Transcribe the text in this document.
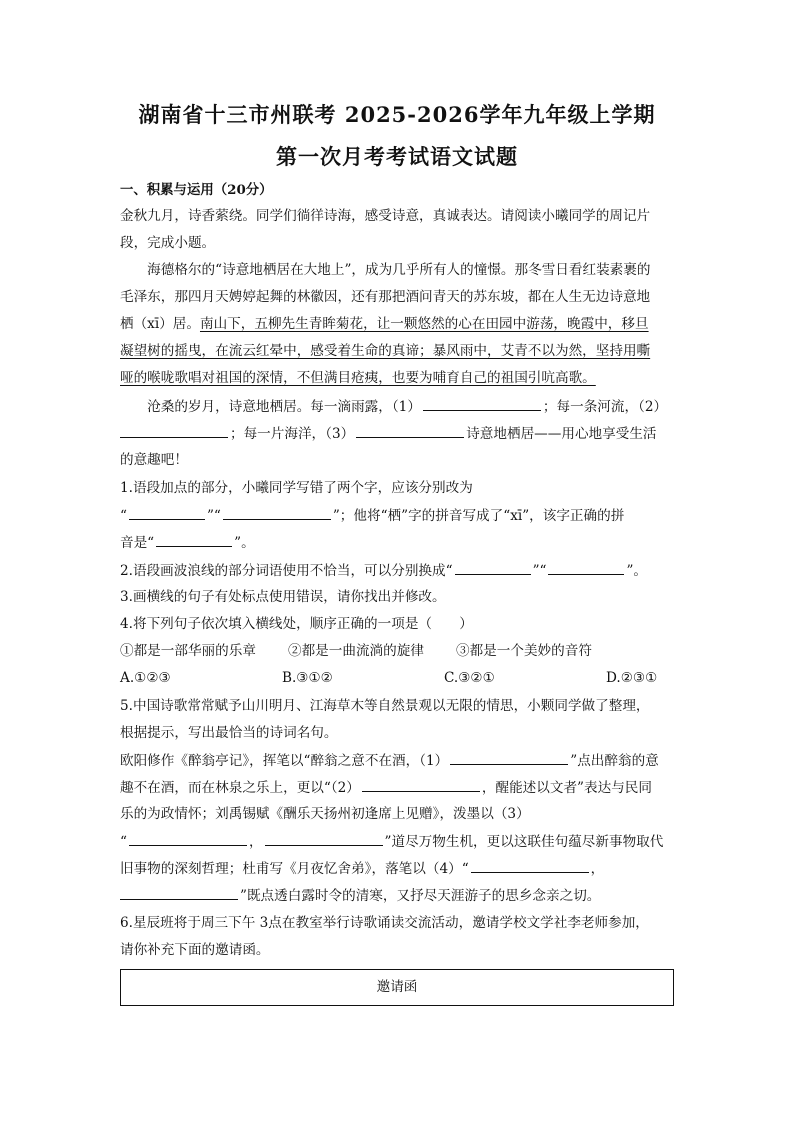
湖南省十三市州联考 2025-2026学年九年级上学期
第一次月考考试语文试题
一、积累与运用（20分）
金秋九月，诗香萦绕。同学们徜徉诗海，感受诗意，真诚表达。请阅读小曦同学的周记片
段，完成小题。
　　海德格尔的“诗意地栖居在大地上”，成为几乎所有人的憧憬。那冬雪日看红装素裹的
毛泽东，那四月天娉婷起舞的林徽因，还有那把酒问青天的苏东坡，都在人生无边诗意地
栖（xī）居。南山下，五柳先生青眸菊花，让一颗悠然的心在田园中游荡，晚霞中，移旦
凝望树的摇曳，在流云红晕中，感受着生命的真谛；暴风雨中，艾青不以为然，坚持用嘶
哑的喉咙歌唱对祖国的深情，不但满目疮痍，也要为哺育自己的祖国引吭高歌。
　　沧桑的岁月，诗意地栖居。每一滴雨露，（1）	；每一条河流，（2）
；每一片海洋，（3）	诗意地栖居——用心地享受生活
的意趣吧！
1.语段加点的部分，小曦同学写错了两个字，应该分别改为
“	”“	”；他将“栖”字的拼音写成了“xī”，该字正确的拼
音是“	”。
2.语段画波浪线的部分词语使用不恰当，可以分别换成“	”“	”。
3.画横线的句子有处标点使用错误，请你找出并修改。
4.将下列句子依次填入横线处，顺序正确的一项是（　　）
①都是一部华丽的乐章 ②都是一曲流淌的旋律 ③都是一个美妙的音符
A.①②③	B.③①②	C.③②①	D.②③①
5.中国诗歌常常赋予山川明月、江海草木等自然景观以无限的情思，小颗同学做了整理，
根据提示，写出最恰当的诗词名句。
欧阳修作《醉翁亭记》，挥笔以“醉翁之意不在酒，（1）	”点出醉翁的意
趣不在酒，而在林泉之乐上，更以“（2）	，醒能述以文者”表达与民同
乐的为政情怀；刘禹锡赋《酬乐天扬州初逢席上见赠》，泼墨以（3）
“	，	”道尽万物生机，更以这联佳句蕴尽新事物取代
旧事物的深刻哲理；杜甫写《月夜忆舍弟》，落笔以（4）“	，
”既点透白露时令的清寒，又抒尽天涯游子的思乡念亲之切。
6.星辰班将于周三下午 3点在教室举行诗歌诵读交流活动，邀请学校文学社李老师参加，
请你补充下面的邀请函。
邀请函
